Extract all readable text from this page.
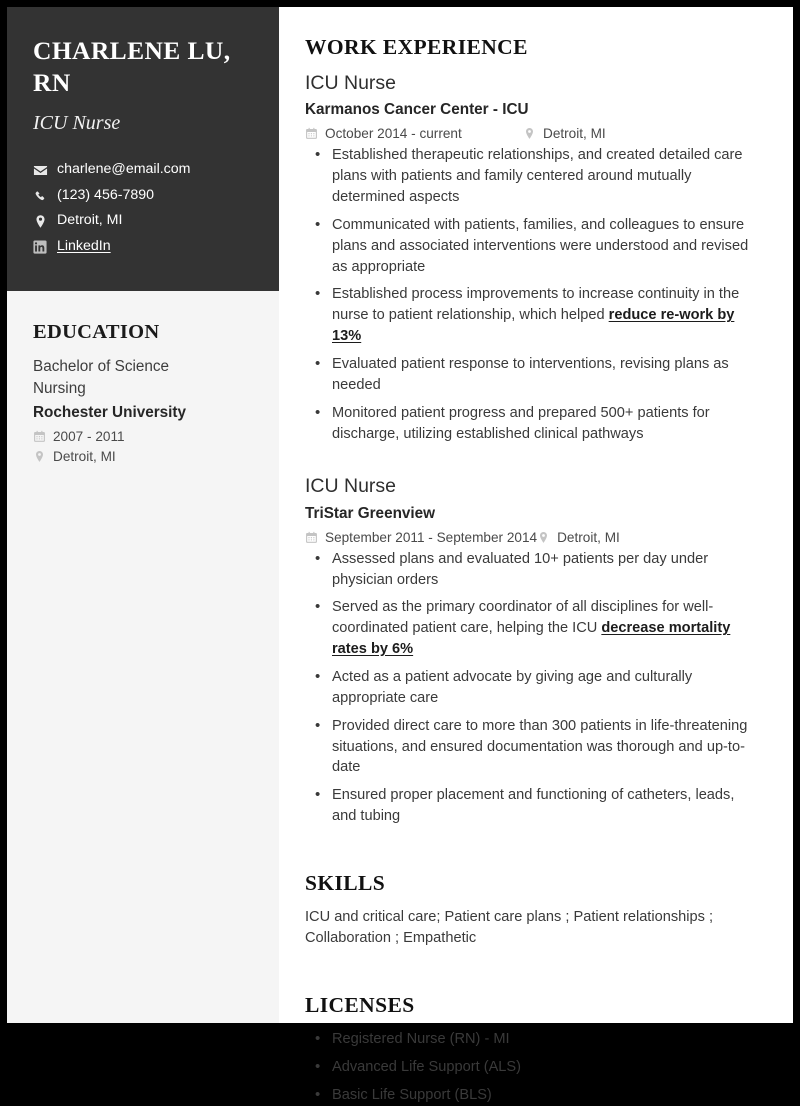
CHARLENE LU, RN
ICU Nurse
charlene@email.com
(123) 456-7890
Detroit, MI
LinkedIn
EDUCATION
Bachelor of Science
Nursing
Rochester University
2007 - 2011
Detroit, MI
WORK EXPERIENCE
ICU Nurse
Karmanos Cancer Center - ICU
October 2014 - current	Detroit, MI
• Established therapeutic relationships, and created detailed care plans with patients and family centered around mutually determined aspects
• Communicated with patients, families, and colleagues to ensure plans and associated interventions were understood and revised as appropriate
• Established process improvements to increase continuity in the nurse to patient relationship, which helped reduce re-work by 13%
• Evaluated patient response to interventions, revising plans as needed
• Monitored patient progress and prepared 500+ patients for discharge, utilizing established clinical pathways
ICU Nurse
TriStar Greenview
September 2011 - September 2014 Detroit, MI
• Assessed plans and evaluated 10+ patients per day under physician orders
• Served as the primary coordinator of all disciplines for well-coordinated patient care, helping the ICU decrease mortality rates by 6%
• Acted as a patient advocate by giving age and culturally appropriate care
• Provided direct care to more than 300 patients in life-threatening situations, and ensured documentation was thorough and up-to-date
• Ensured proper placement and functioning of catheters, leads, and tubing
SKILLS

ICU and critical care; Patient care plans ; Patient relationships ; Collaboration ; Empathetic

LICENSES
• Registered Nurse (RN) - MI
• Advanced Life Support (ALS)
• Basic Life Support (BLS)
